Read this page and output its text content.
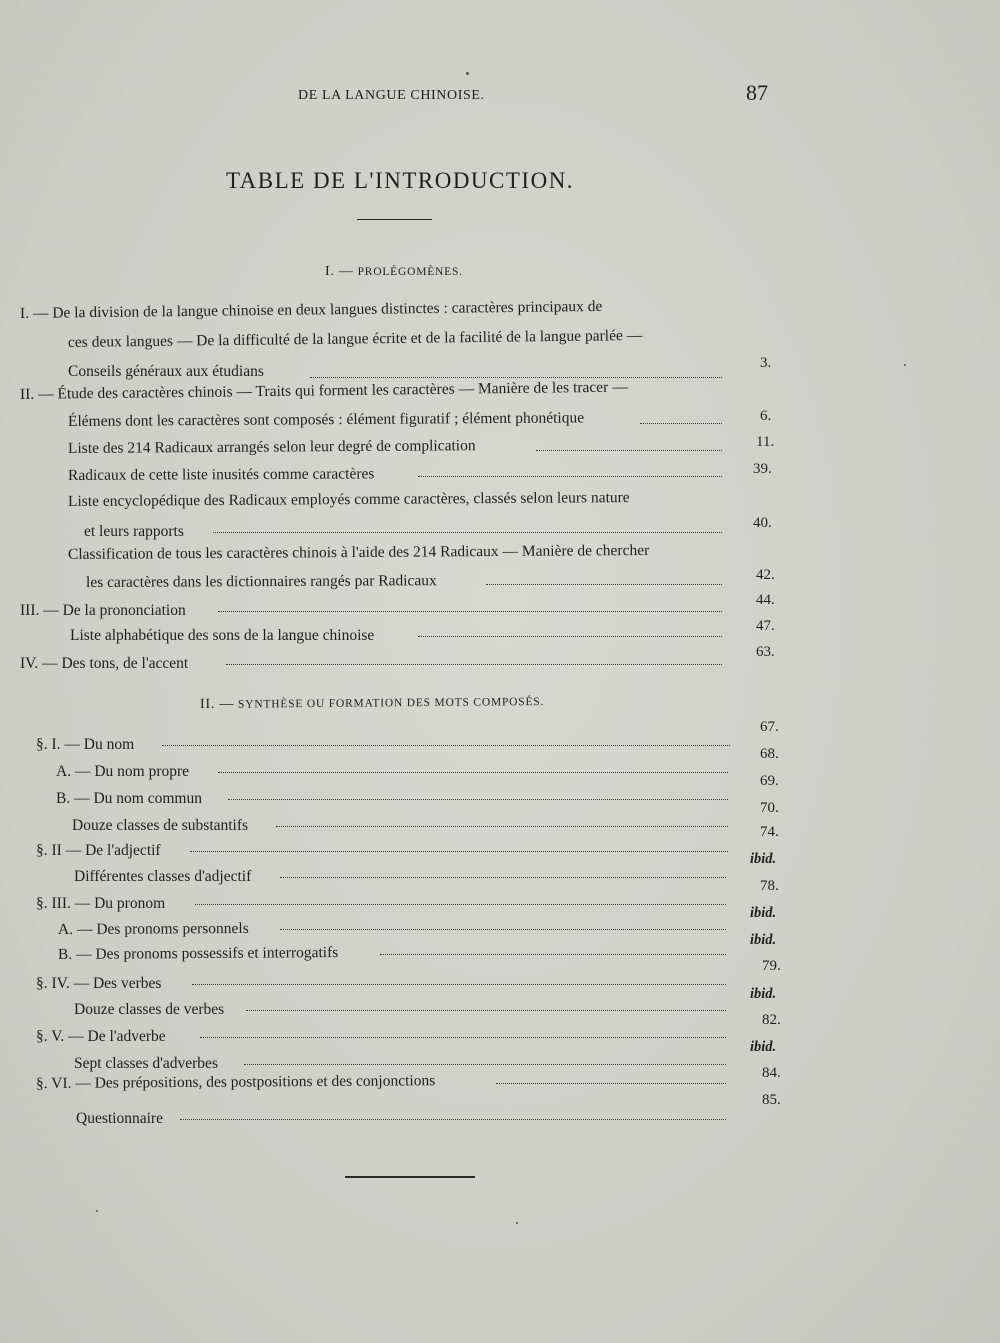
DE LA LANGUE CHINOISE.	87
TABLE DE L'INTRODUCTION.
I. — PROLÉGOMÈNES.
I. — De la division de la langue chinoise en deux langues distinctes : caractères principaux de
ces deux langues — De la difficulté de la langue écrite et de la facilité de la langue parlée —
Conseils généraux aux étudians
II. — Étude des caractères chinois — Traits qui forment les caractères — Manière de les tracer —
Élémens dont les caractères sont composés : élément figuratif ; élément phonétique
Liste des 214 Radicaux arrangés selon leur degré de complication
Radicaux de cette liste inusités comme caractères
Liste encyclopédique des Radicaux employés comme caractères, classés selon leurs nature
et leurs rapports
Classification de tous les caractères chinois à l'aide des 214 Radicaux — Manière de chercher
les caractères dans les dictionnaires rangés par Radicaux
III. — De la prononciation
Liste alphabétique des sons de la langue chinoise
IV. — Des tons, de l'accent
3.
6.
11.
39.
40.
42.
44.
47.
63.
II. — SYNTHÈSE OU FORMATION DES MOTS COMPOSÉS.
§. I. — Du nom
A. — Du nom propre
B. — Du nom commun
Douze classes de substantifs
§. II — De l'adjectif
Différentes classes d'adjectif
§. III. — Du pronom
A. — Des pronoms personnels
B. — Des pronoms possessifs et interrogatifs
§. IV. — Des verbes
Douze classes de verbes
§. V. — De l'adverbe
Sept classes d'adverbes
§. VI. — Des prépositions, des postpositions et des conjonctions
Questionnaire
67.
68.
69.
70.
74.
ibid.
78.
ibid.
ibid.
79.
ibid.
82.
ibid.
84.
85.
